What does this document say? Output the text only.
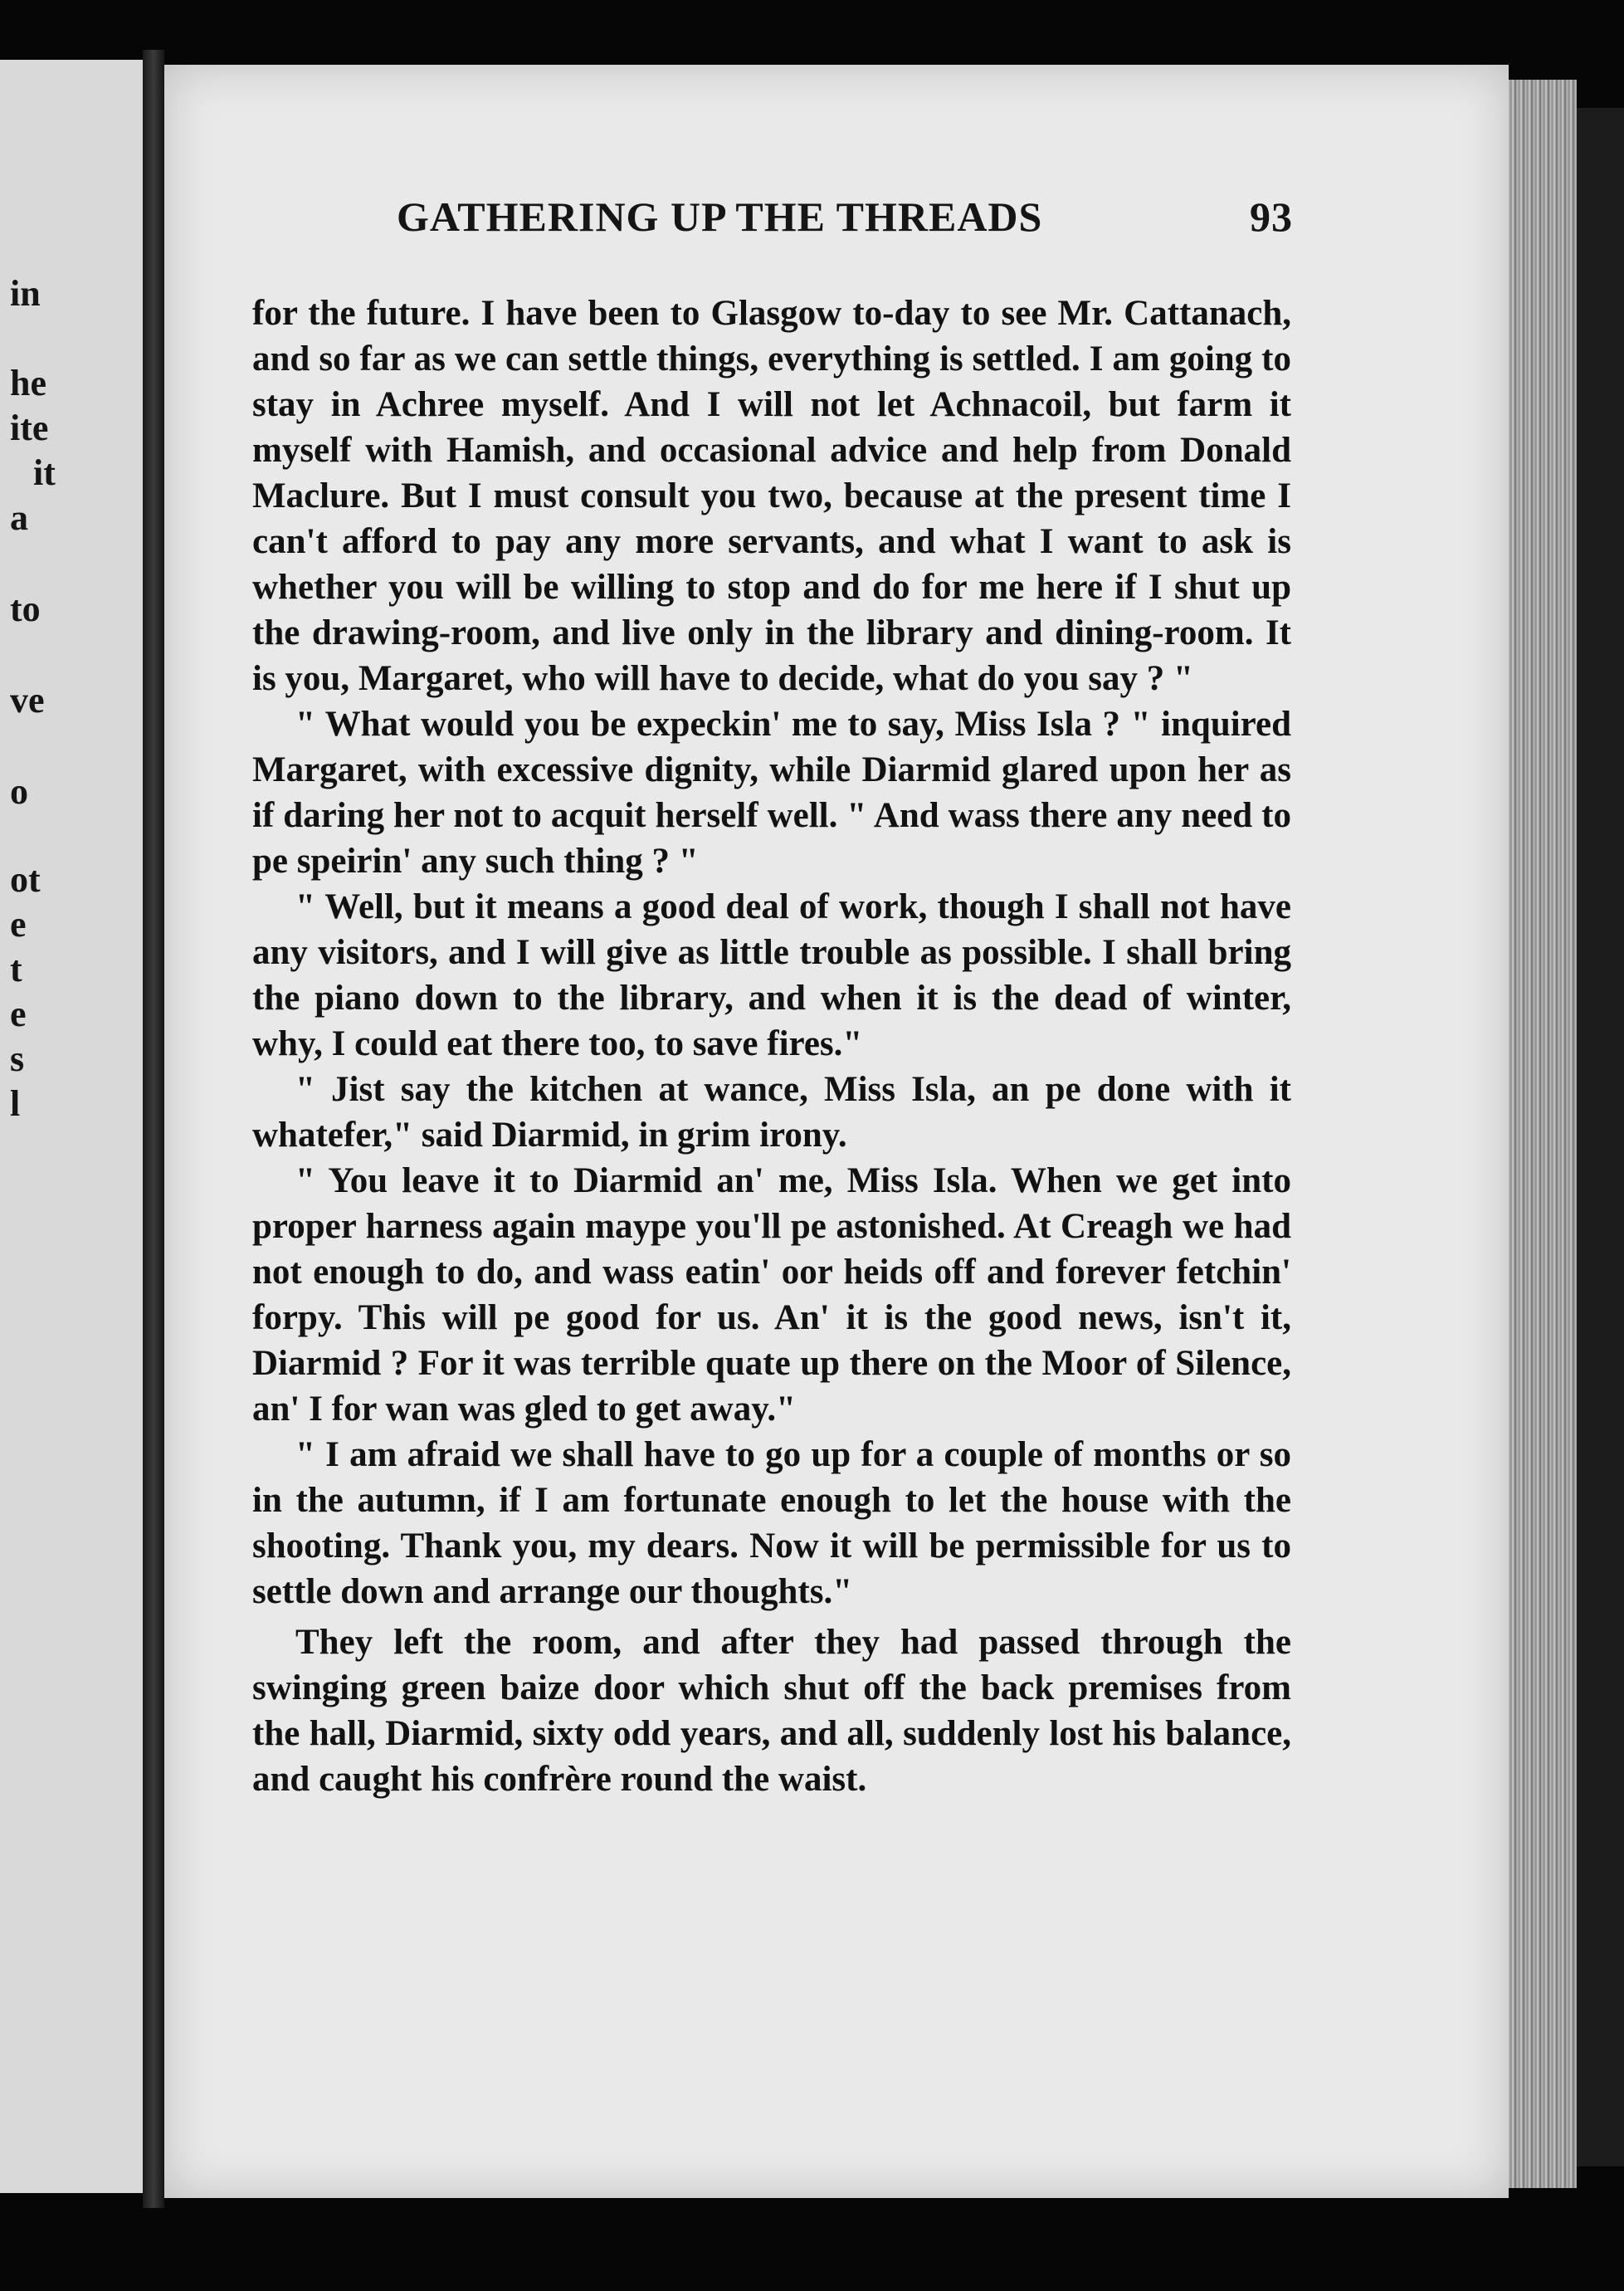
in
he
ite
it
a
to
ve
o
ot
e
t
e
s
l
GATHERING UP THE THREADS	93

for the future. I have been to Glasgow to-day to see Mr. Cattanach, and so far as we can settle things, everything is settled. I am going to stay in Achree myself. And I will not let Achnacoil, but farm it myself with Hamish, and occasional advice and help from Donald Maclure. But I must consult you two, because at the present time I can't afford to pay any more servants, and what I want to ask is whether you will be willing to stop and do for me here if I shut up the drawing-room, and live only in the library and dining-room. It is you, Margaret, who will have to decide, what do you say ? "

" What would you be expeckin' me to say, Miss Isla ? " inquired Margaret, with excessive dignity, while Diarmid glared upon her as if daring her not to acquit herself well. " And wass there any need to pe speirin' any such thing ? "

" Well, but it means a good deal of work, though I shall not have any visitors, and I will give as little trouble as possible. I shall bring the piano down to the library, and when it is the dead of winter, why, I could eat there too, to save fires."

" Jist say the kitchen at wance, Miss Isla, an pe done with it whatefer," said Diarmid, in grim irony.

" You leave it to Diarmid an' me, Miss Isla. When we get into proper harness again maype you'll pe astonished. At Creagh we had not enough to do, and wass eatin' oor heids off and forever fetchin' forpy. This will pe good for us. An' it is the good news, isn't it, Diarmid ? For it was terrible quate up there on the Moor of Silence, an' I for wan was gled to get away."

" I am afraid we shall have to go up for a couple of months or so in the autumn, if I am fortunate enough to let the house with the shooting. Thank you, my dears. Now it will be permissible for us to settle down and arrange our thoughts."

They left the room, and after they had passed through the swinging green baize door which shut off the back premises from the hall, Diarmid, sixty odd years, and all, suddenly lost his balance, and caught his confrère round the waist.
